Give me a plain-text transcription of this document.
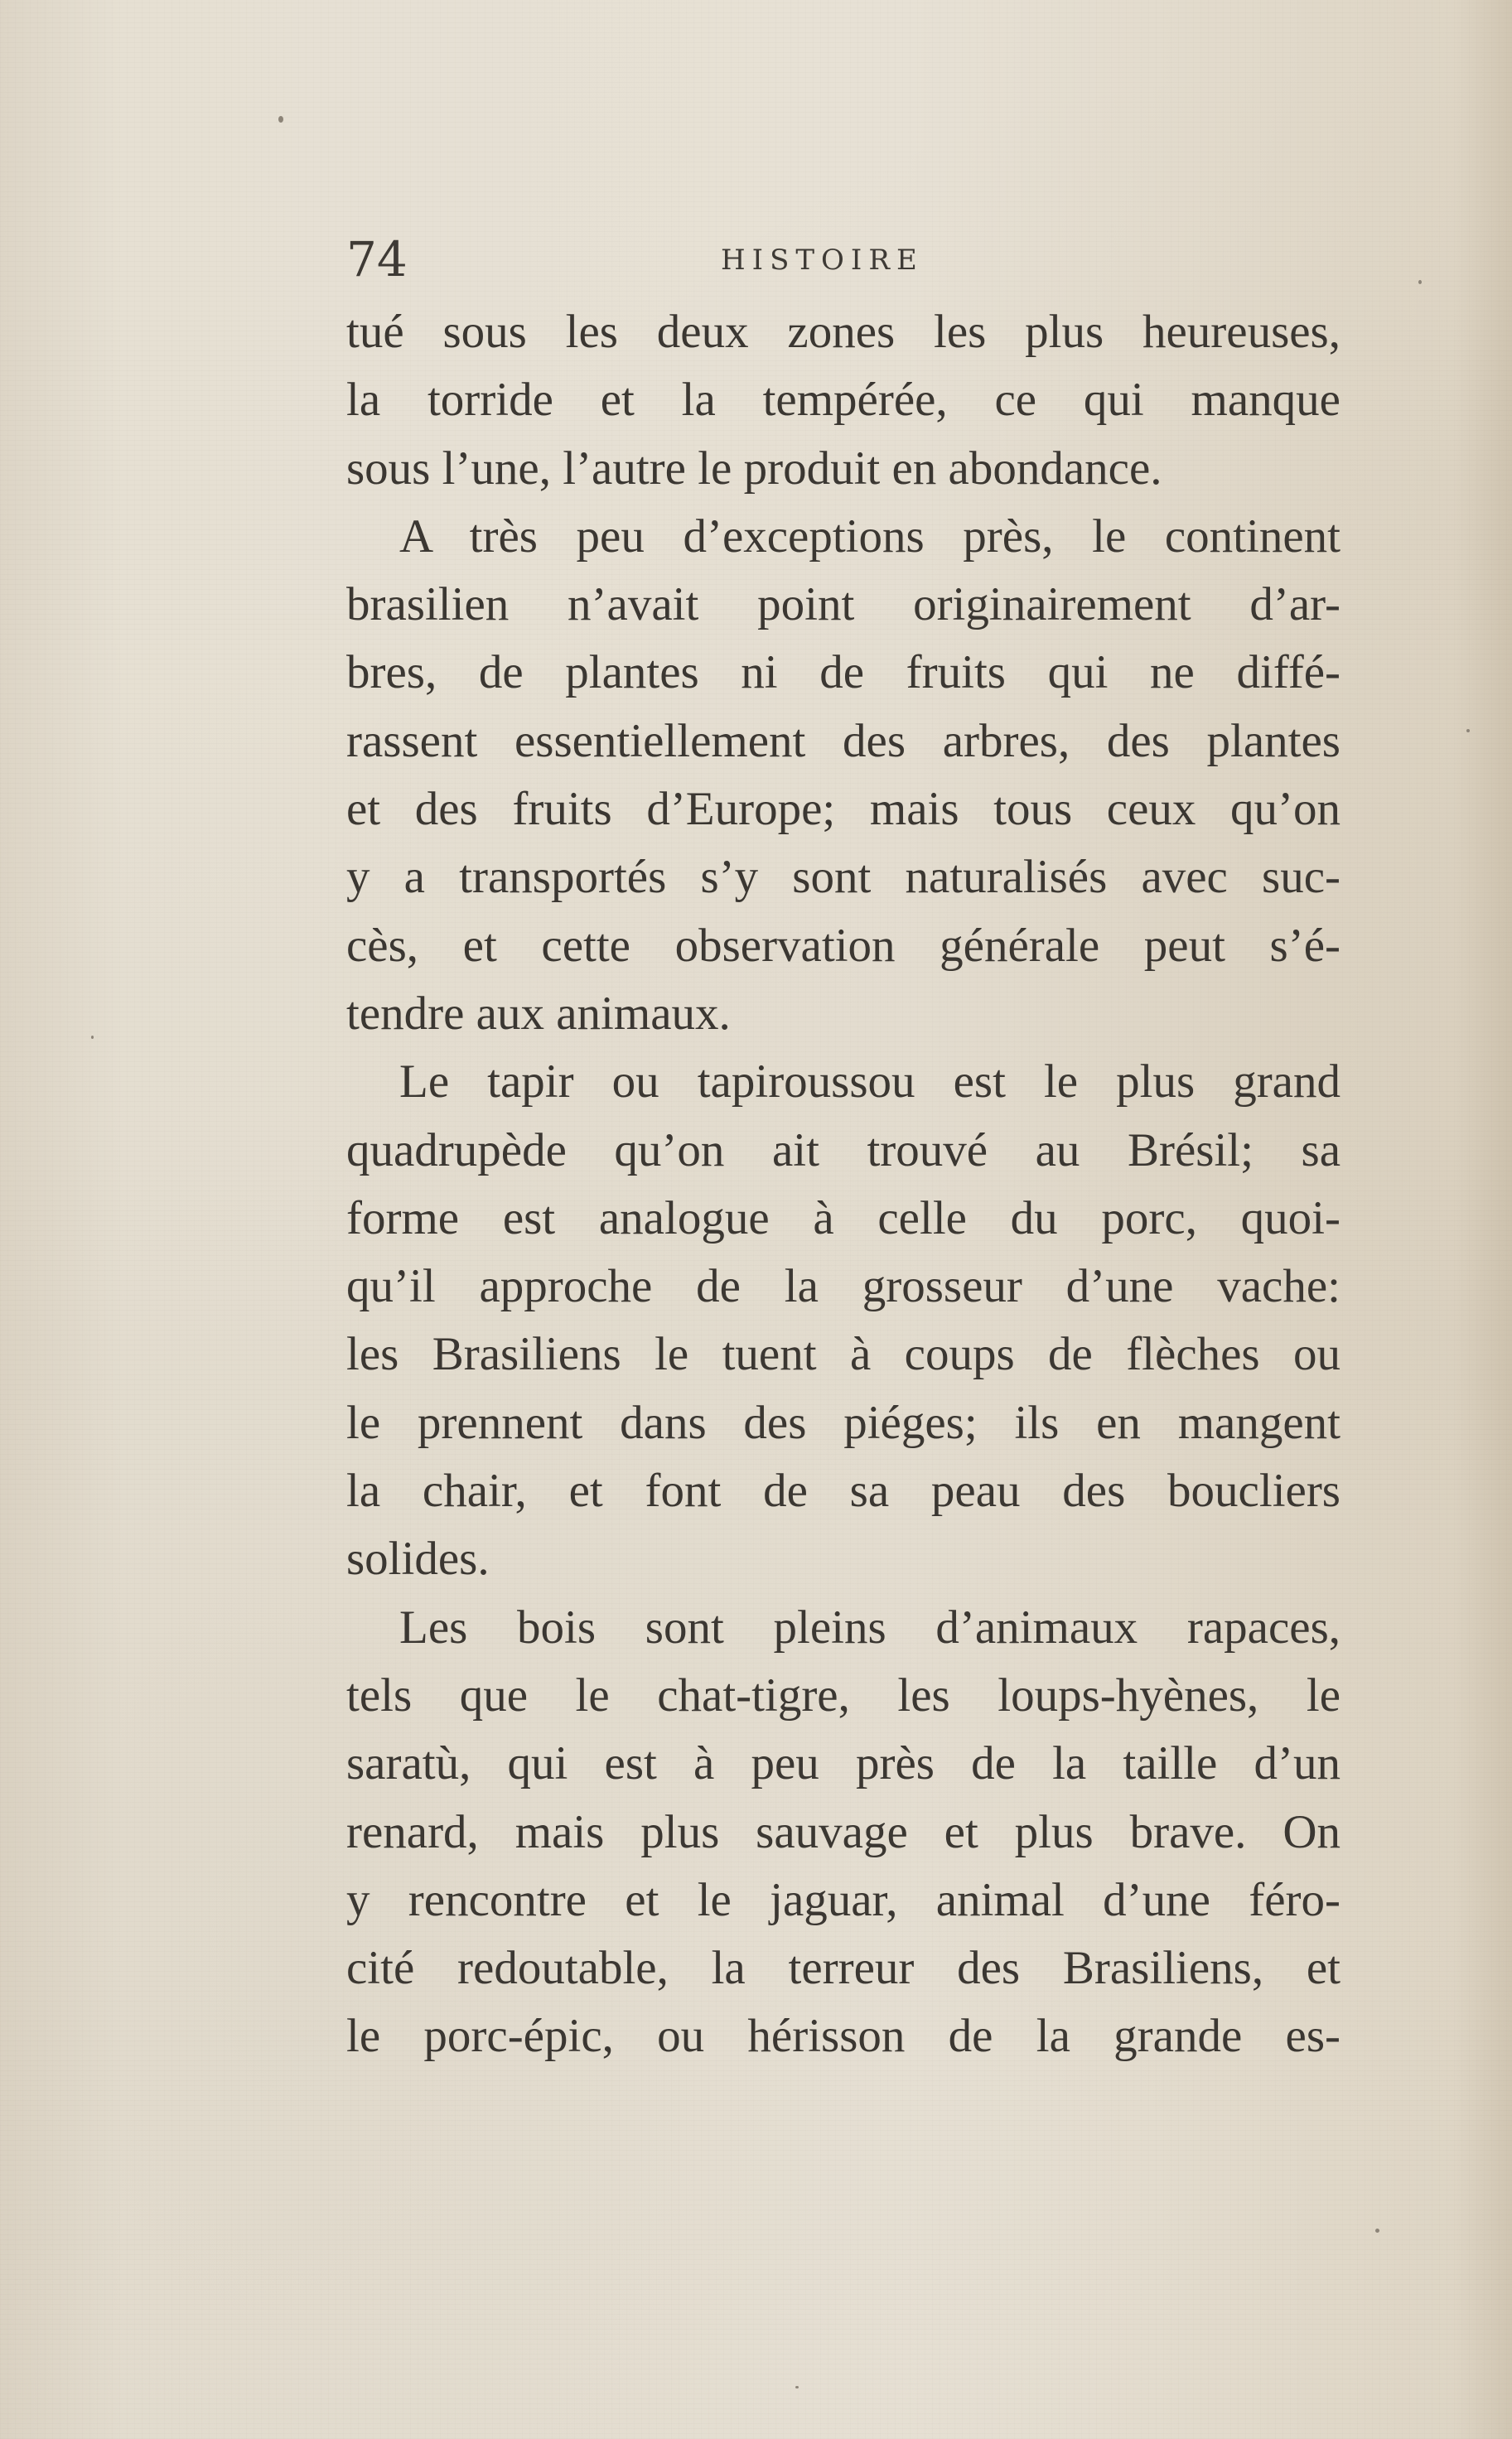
74	HISTOIRE
tué sous les deux zones les plus heureuses,
la torride et la tempérée, ce qui manque
sous l’une, l’autre le produit en abondance.
A très peu d’exceptions près, le continent
brasilien n’avait point originairement d’ar-
bres, de plantes ni de fruits qui ne diffé-
rassent essentiellement des arbres, des plantes
et des fruits d’Europe; mais tous ceux qu’on
y a transportés s’y sont naturalisés avec suc-
cès, et cette observation générale peut s’é-
tendre aux animaux.
Le tapir ou tapiroussou est le plus grand
quadrupède qu’on ait trouvé au Brésil; sa
forme est analogue à celle du porc, quoi-
qu’il approche de la grosseur d’une vache:
les Brasiliens le tuent à coups de flèches ou
le prennent dans des piéges; ils en mangent
la chair, et font de sa peau des boucliers
solides.
Les bois sont pleins d’animaux rapaces,
tels que le chat-tigre, les loups-hyènes, le
saratù, qui est à peu près de la taille d’un
renard, mais plus sauvage et plus brave. On
y rencontre et le jaguar, animal d’une féro-
cité redoutable, la terreur des Brasiliens, et
le porc-épic, ou hérisson de la grande es-
